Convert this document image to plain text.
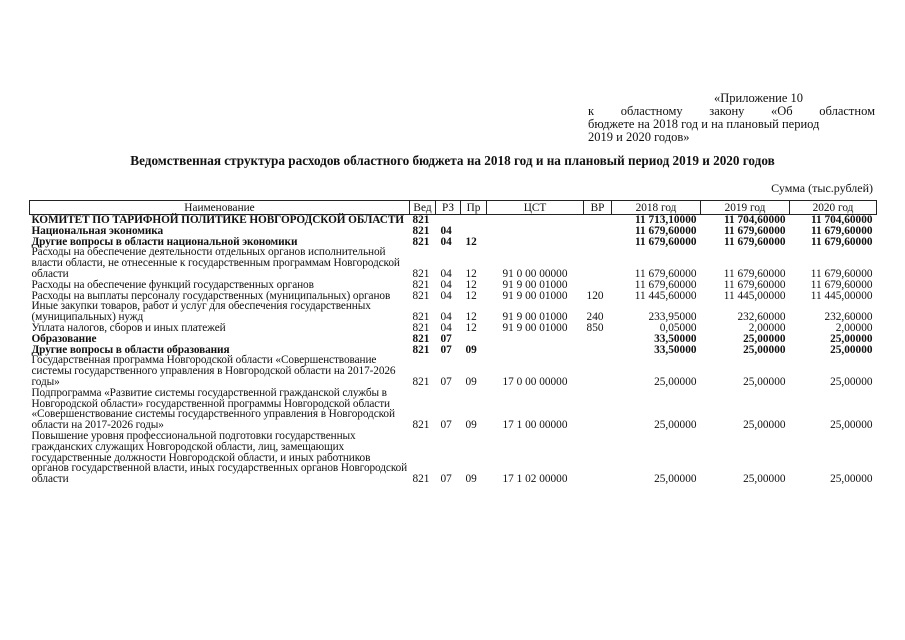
«Приложение 10
к областному закону «Об областном
бюджете на 2018 год и на плановый период
2019 и 2020 годов»
Ведомственная структура расходов областного бюджета на 2018 год и на плановый период 2019 и 2020 годов
Сумма (тыс.рублей)
Наименование	Вед	РЗ	Пр	ЦСТ	ВР	2018 год	2019 год	2020 год
КОМИТЕТ ПО ТАРИФНОЙ ПОЛИТИКЕ НОВГОРОДСКОЙ ОБЛАСТИ	821					11 713,10000	11 704,60000	11 704,60000
Национальная экономика	821	04				11 679,60000	11 679,60000	11 679,60000
Другие вопросы в области национальной экономики	821	04	12			11 679,60000	11 679,60000	11 679,60000
Расходы на обеспечение деятельности отдельных органов исполнительной власти области, не отнесенные к государственным программам Новгородской области	821	04	12	91 0 00 00000		11 679,60000	11 679,60000	11 679,60000
Расходы на обеспечение функций государственных органов	821	04	12	91 9 00 01000		11 679,60000	11 679,60000	11 679,60000
Расходы на выплаты персоналу государственных (муниципальных) органов	821	04	12	91 9 00 01000	120	11 445,60000	11 445,00000	11 445,00000
Иные закупки товаров, работ и услуг для обеспечения государственных (муниципальных) нужд	821	04	12	91 9 00 01000	240	233,95000	232,60000	232,60000
Уплата налогов, сборов и иных платежей	821	04	12	91 9 00 01000	850	0,05000	2,00000	2,00000
Образование	821	07				33,50000	25,00000	25,00000
Другие вопросы в области образования	821	07	09			33,50000	25,00000	25,00000
Государственная программа Новгородской области «Совершенствование системы государственного управления в Новгородской области на 2017-2026 годы»	821	07	09	17 0 00 00000		25,00000	25,00000	25,00000
Подпрограмма «Развитие системы государственной гражданской службы в Новгородской области» государственной программы Новгородской области «Совершенствование системы государственного управления в Новгородской области на 2017-2026 годы»	821	07	09	17 1 00 00000		25,00000	25,00000	25,00000
Повышение уровня профессиональной подготовки государственных гражданских служащих Новгородской области, лиц, замещающих государственные должности Новгородской области, и иных работников органов государственной власти, иных государственных органов Новгородской области	821	07	09	17 1 02 00000		25,00000	25,00000	25,00000
